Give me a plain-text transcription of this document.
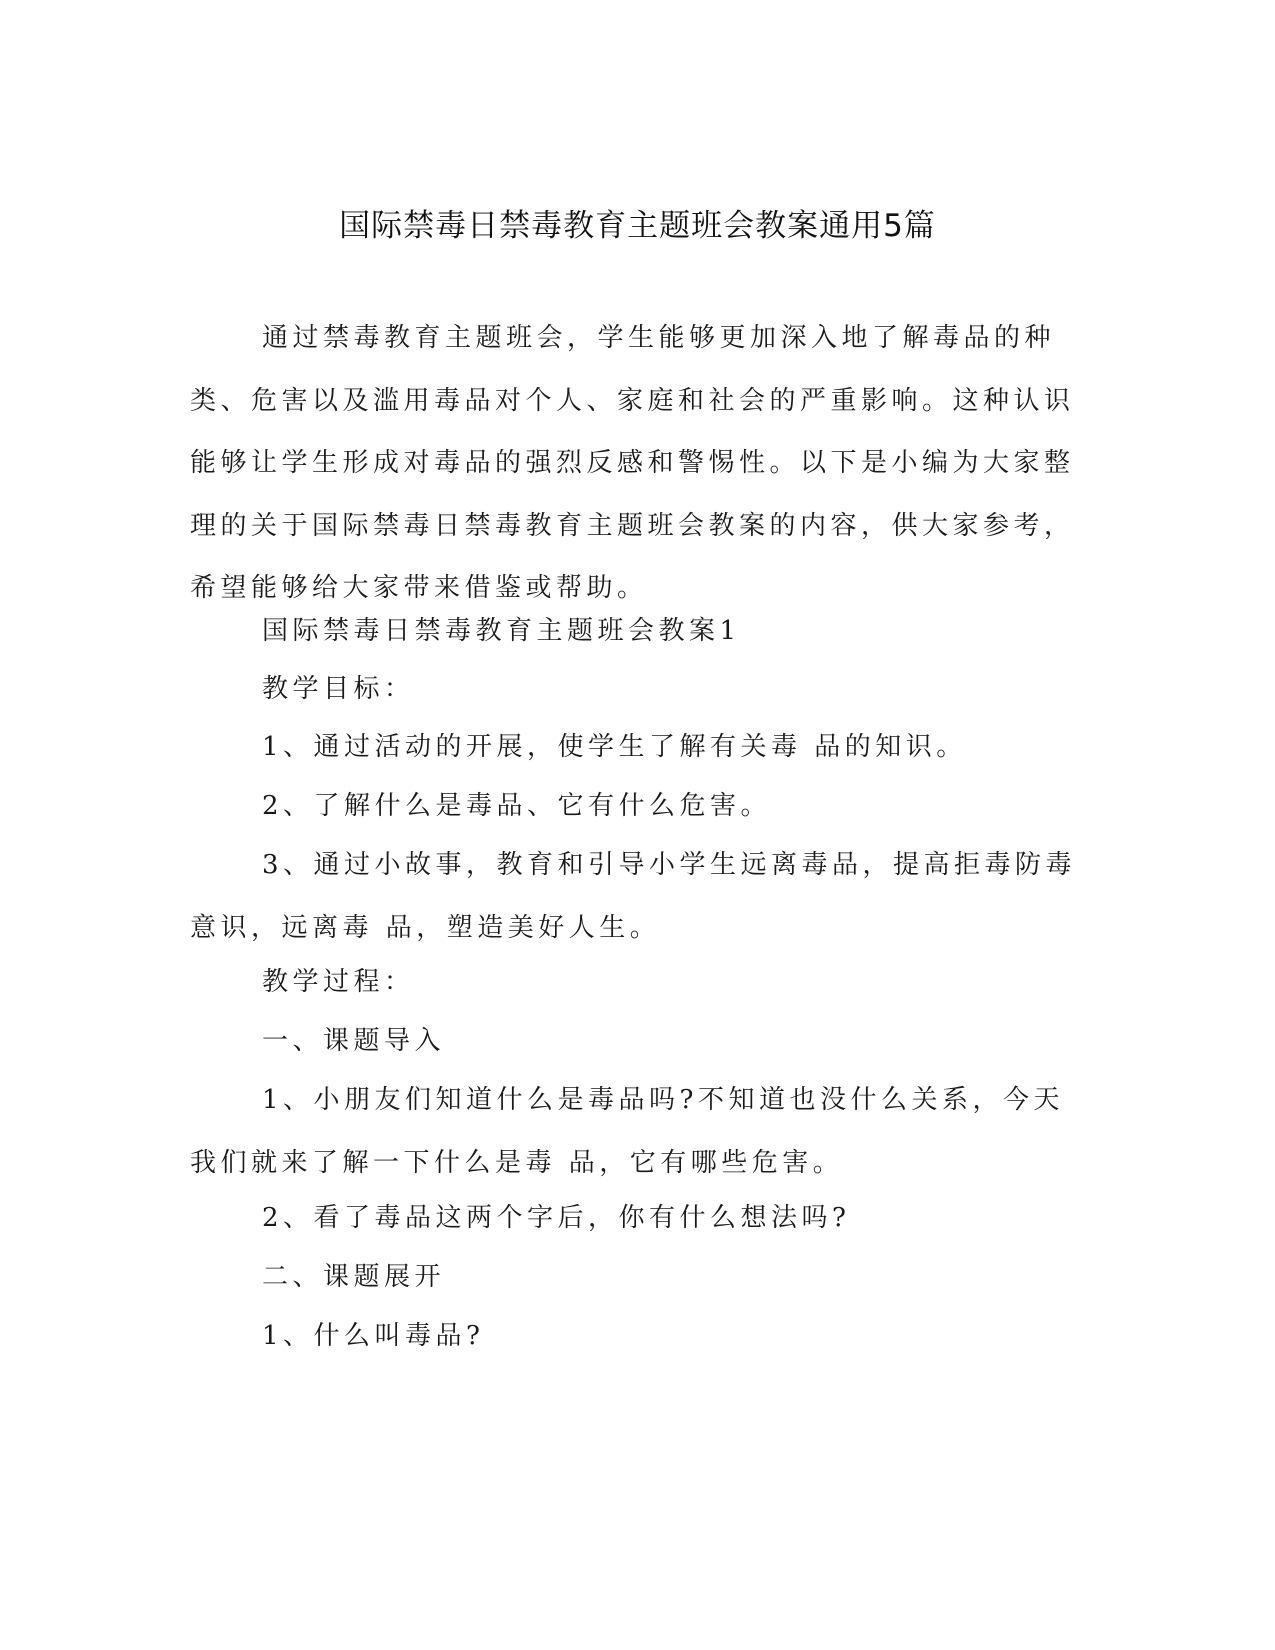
国际禁毒日禁毒教育主题班会教案通用5篇

通过禁毒教育主题班会，学生能够更加深入地了解毒品的种类、危害以及滥用毒品对个人、家庭和社会的严重影响。这种认识能够让学生形成对毒品的强烈反感和警惕性。以下是小编为大家整理的关于国际禁毒日禁毒教育主题班会教案的内容，供大家参考，希望能够给大家带来借鉴或帮助。

国际禁毒日禁毒教育主题班会教案1

教学目标：

1、通过活动的开展，使学生了解有关毒 品的知识。

2、了解什么是毒品、它有什么危害。

3、通过小故事，教育和引导小学生远离毒品，提高拒毒防毒意识，远离毒 品，塑造美好人生。

教学过程：

一、课题导入

1、小朋友们知道什么是毒品吗?不知道也没什么关系，今天我们就来了解一下什么是毒 品，它有哪些危害。

2、看了毒品这两个字后，你有什么想法吗?

二、课题展开

1、什么叫毒品?
